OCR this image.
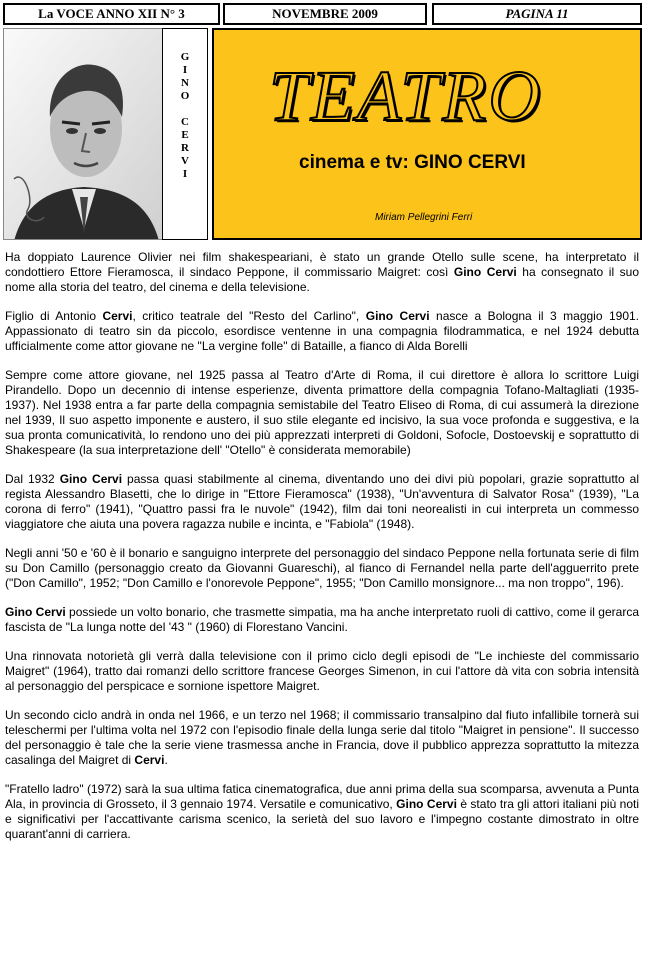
La VOCE ANNO XII N° 3	NOVEMBRE 2009	PAGINA 11
G
I
N
O
C
E
R
V
I
TEATRO
cinema e tv: GINO CERVI
Miriam Pellegrini Ferri

Ha doppiato Laurence Olivier nei film shakespeariani, è stato un grande Otello sulle scene, ha interpretato il condottiero Ettore Fieramosca, il sindaco Peppone, il commissario Maigret: così Gino Cervi ha consegnato il suo nome alla storia del teatro, del cinema e della televisione.

Figlio di Antonio Cervi, critico teatrale del "Resto del Carlino", Gino Cervi nasce a Bologna il 3 maggio 1901. Appassionato di teatro sin da piccolo, esordisce ventenne in una compagnia filodrammatica, e nel 1924 debutta ufficialmente come attor giovane ne "La vergine folle" di Bataille, a fianco di Alda Borelli

Sempre come attore giovane, nel 1925 passa al Teatro d'Arte di Roma, il cui direttore è allora lo scrittore Luigi Pirandello. Dopo un decennio di intense esperienze, diventa primattore della compagnia Tofano-Maltagliati (1935-1937). Nel 1938 entra a far parte della compagnia semistabile del Teatro Eliseo di Roma, di cui assumerà la direzione nel 1939, Il suo aspetto imponente e austero, il suo stile elegante ed incisivo, la sua voce profonda e suggestiva, e la sua pronta comunicatività, lo rendono uno dei più apprezzati interpreti di Goldoni, Sofocle, Dostoevskij e soprattutto di Shakespeare (la sua interpretazione dell' "Otello" è considerata memorabile)

Dal 1932 Gino Cervi passa quasi stabilmente al cinema, diventando uno dei divi più popolari, grazie soprattutto al regista Alessandro Blasetti, che lo dirige in "Ettore Fieramosca" (1938), "Un'avventura di Salvator Rosa" (1939), "La corona di ferro" (1941), "Quattro passi fra le nuvole" (1942), film dai toni neorealisti in cui interpreta un commesso viaggiatore che aiuta una povera ragazza nubile e incinta, e "Fabiola" (1948).

Negli anni '50 e '60 è il bonario e sanguigno interprete del personaggio del sindaco Peppone nella fortunata serie di film su Don Camillo (personaggio creato da Giovanni Guareschi), al fianco di Fernandel nella parte dell'agguerrito prete ("Don Camillo", 1952; "Don Camillo e l'onorevole Peppone", 1955; "Don Camillo monsignore... ma non troppo", 196).

Gino Cervi possiede un volto bonario, che trasmette simpatia, ma ha anche interpretato ruoli di cattivo, come il gerarca fascista de "La lunga notte del '43 " (1960) di Florestano Vancini.

Una rinnovata notorietà gli verrà dalla televisione con il primo ciclo degli episodi de "Le inchieste del commissario Maigret" (1964), tratto dai romanzi dello scrittore francese Georges Simenon, in cui l'attore dà vita con sobria intensità al personaggio del perspicace e sornione ispettore Maigret.

Un secondo ciclo andrà in onda nel 1966, e un terzo nel 1968; il commissario transalpino dal fiuto infallibile tornerà sui teleschermi per l'ultima volta nel 1972 con l'episodio finale della lunga serie dal titolo "Maigret in pensione". Il successo del personaggio è tale che la serie viene trasmessa anche in Francia, dove il pubblico apprezza soprattutto la mitezza casalinga del Maigret di Cervi.

"Fratello ladro" (1972) sarà la sua ultima fatica cinematografica, due anni prima della sua scomparsa, avvenuta a Punta Ala, in provincia di Grosseto, il 3 gennaio 1974. Versatile e comunicativo, Gino Cervi è stato tra gli attori italiani più noti e significativi per l'accattivante carisma scenico, la serietà del suo lavoro e l'impegno costante dimostrato in oltre quarant'anni di carriera.
